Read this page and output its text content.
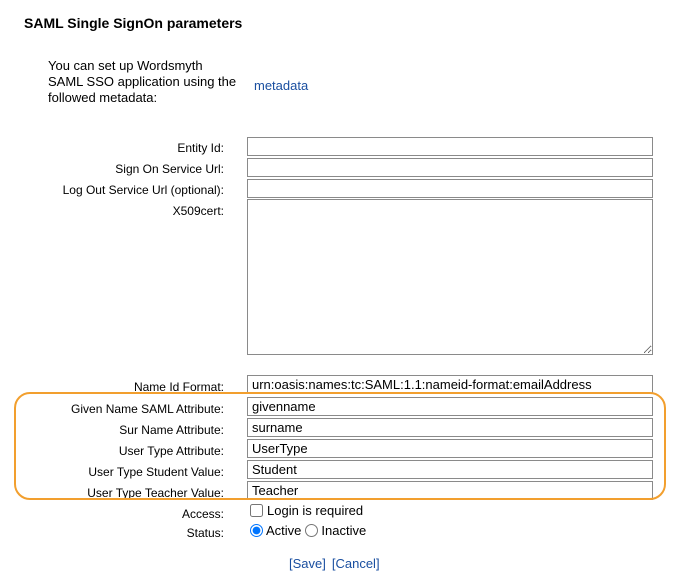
SAML Single SignOn parameters
You can set up Wordsmyth SAML SSO application using the followed metadata:
metadata
Entity Id:
Sign On Service Url:
Log Out Service Url (optional):
X509cert:
Name Id Format:
urn:oasis:names:tc:SAML:1.1:nameid-format:emailAddress
Given Name SAML Attribute:
givenname
Sur Name Attribute:
surname
User Type Attribute:
UserType
User Type Student Value:
Student
User Type Teacher Value:
Teacher
Access:	Login is required
Status:	Active Inactive
[Save] [Cancel]
